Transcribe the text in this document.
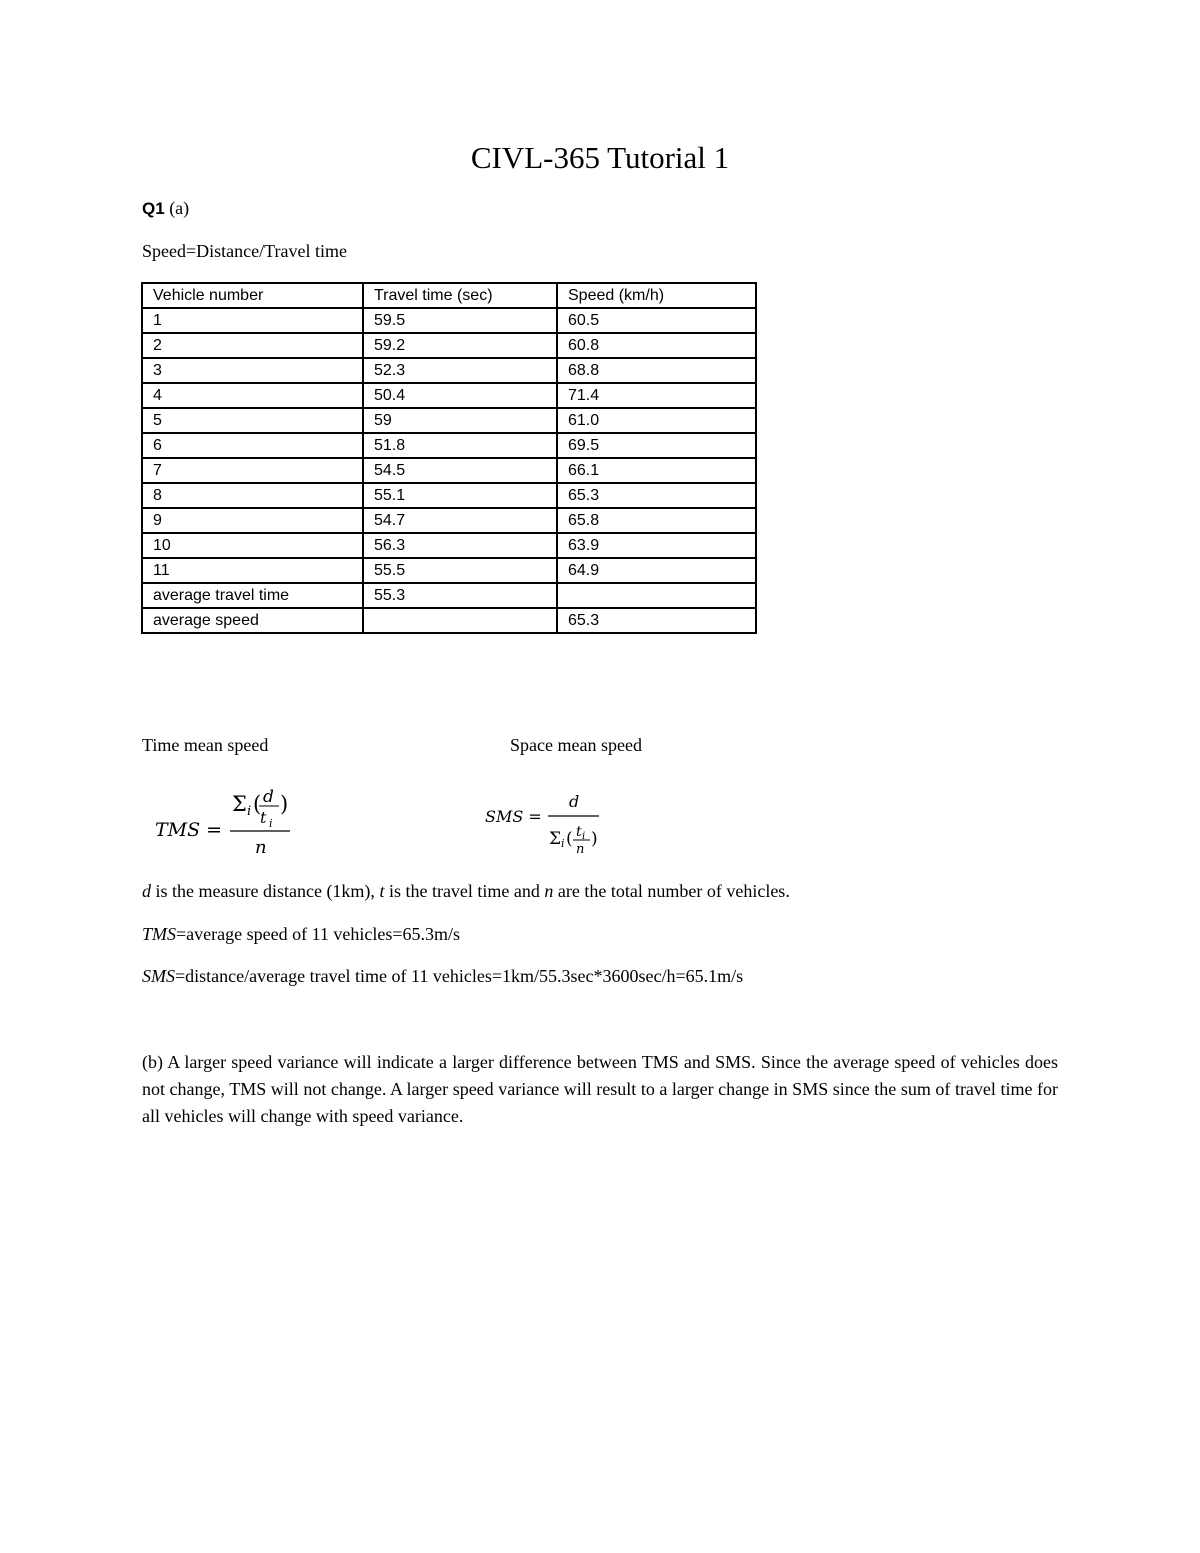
CIVL-365 Tutorial 1
Q1 (a)
Speed=Distance/Travel time
Vehicle number	Travel time (sec)	Speed (km/h)
1	59.5	60.5
2	59.2	60.8
3	52.3	68.8
4	50.4	71.4
5	59	61.0
6	51.8	69.5
7	54.5	66.1
8	55.1	65.3
9	54.7	65.8
10	56.3	63.9
11	55.5	64.9
average travel time	55.3	
average speed		65.3
Time mean speed	Space mean speed
TMS =
Σ i ( d
t i
)
n
SMS =
d
Σ i ( t i
n
)
d is the measure distance (1km), t is the travel time and n are the total number of vehicles.
TMS=average speed of 11 vehicles=65.3m/s
SMS=distance/average travel time of 11 vehicles=1km/55.3sec*3600sec/h=65.1m/s
(b) A larger speed variance will indicate a larger difference between TMS and SMS. Since the average speed of vehicles does not change, TMS will not change. A larger speed variance will result to a larger change in SMS since the sum of travel time for all vehicles will change with speed variance.
